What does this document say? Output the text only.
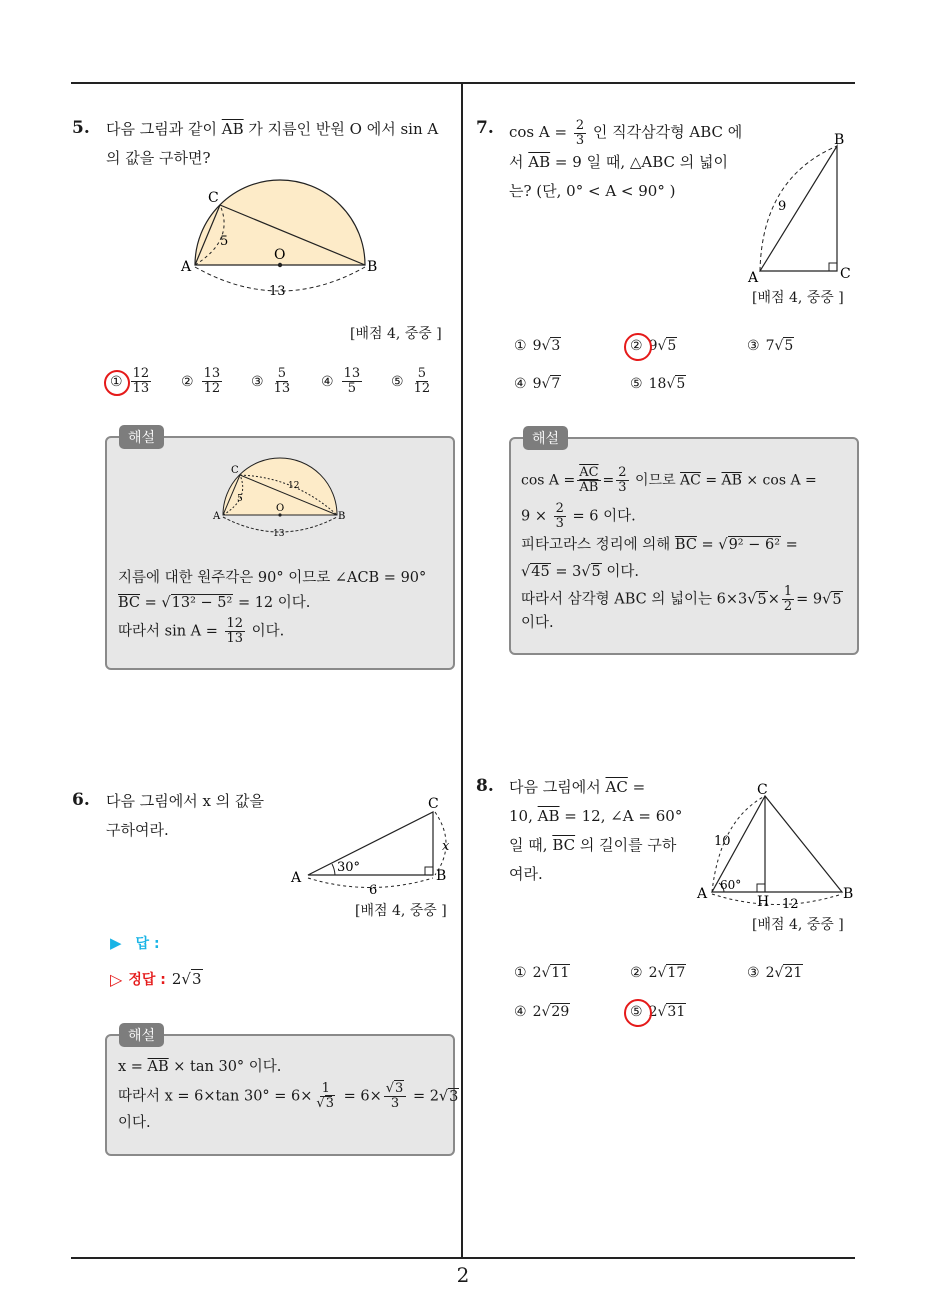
5. 다음 그림과 같이 $\overline{AB}$ 가 지름인 반원 O 에서 sin A
의 값을 구하면?
C
A	B
O
5
13
[배점 4, 중중 ]
① $\frac{12}{13}$ ② $\frac{13}{12}$ ③ $\frac{5}{13}$ ④ $\frac{13}{5}$ ⑤ $\frac{5}{12}$
해설
C
A	B
O
5
12
13
지름에 대한 원주각은 90° 이므로 ∠ACB = 90°
$\overline{BC} = √13^2 - 5^2 = 12$ 이다.
따라서 $\sin A = \frac{12}{13}$ 이다.
6. 다음 그림에서 x 의 값을
구하여라.
C
A	B
x
30°
6
[배점 4, 중중 ]
▶ 답 :
▷ 정답 : 2√3
해설
$x = \overline{AB} \times \tan 30^\circ$ 이다.
따라서 x = 6×tan $30^\circ = 6\times \frac{1}{√3} = 6\times \frac{√3}{3} = 2√3$
이다.
7. $\cos A = \frac{2}{3}$ 인 직각삼각형 ABC 에
서 $\overline{AB} = 9$ 일 때, △ABC 의 넓이
는? (단, 0° < A < 90° )
B
A	C
9
[배점 4, 중중 ]
① 9√3	② 9√5	③ 7√5
④ 9√7	⑤ 18√5
해설
$\cos A = \frac{\overline{AC}}{AB} = \frac{2}{3}$ 이므로 $\overline{AC} = \overline{AB} \times \cos A$ =
$9 \times \frac{2}{3} = 6$ 이다.
피타고라스 정리에 의해 $\overline{BC} = √9^2 - 6^2$ =
√45 = 3√5 이다.
따라서 삼각형 ABC 의 넓이는 $6\times 3√5\times \frac{1}{2} = 9√5$
이다.
8. 다음 그림에서 $\overline{AC}$ =
10, $\overline{AB} = 12$, ∠A = 60°
일 때, $\overline{BC}$ 의 길이를 구하
여라.
C
A	B
H
10
12
60°
[배점 4, 중중 ]
① 2√11	② 2√17	③ 2√21
④ 2√29	⑤ 2√31
2
